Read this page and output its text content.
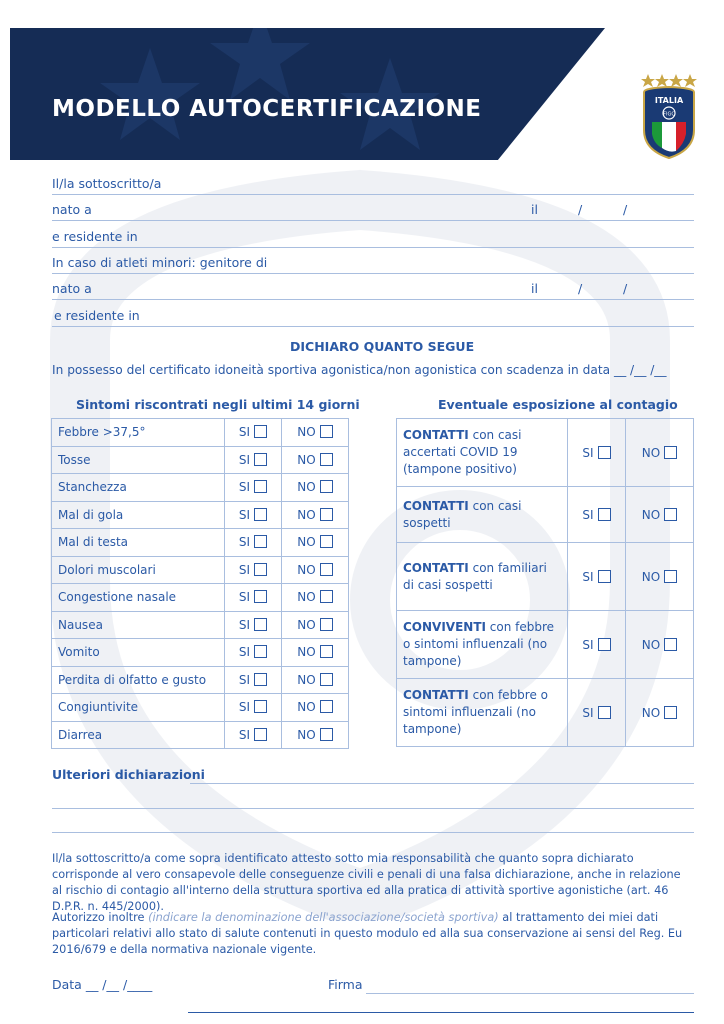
MODELLO AUTOCERTIFICAZIONE	ITALIA
FIGC
Il/la sottoscritto/a
nato a	il	/	/
e residente in
In caso di atleti minori: genitore di
nato a	il	/	/
e residente in
DICHIARO QUANTO SEGUE
In possesso del certificato idoneità sportiva agonistica/non agonistica con scadenza in data __ /__ /__
Sintomi riscontrati negli ultimi 14 giorni	Eventuale esposizione al contagio
Febbre >37,5°	SI	NO
Tosse	SI	NO
Stanchezza	SI	NO
Mal di gola	SI	NO
Mal di testa	SI	NO
Dolori muscolari	SI	NO
Congestione nasale	SI	NO
Nausea	SI	NO
Vomito	SI	NO
Perdita di olfatto e gusto	SI	NO
Congiuntivite	SI	NO
Diarrea	SI	NO
CONTATTI con casi accertati COVID 19 (tampone positivo)	SI	NO
CONTATTI con casi sospetti	SI	NO
CONTATTI con familiari di casi sospetti	SI	NO
CONVIVENTI con febbre o sintomi influenzali (no tampone)	SI	NO
CONTATTI con febbre o sintomi influenzali (no tampone)	SI	NO
Ulteriori dichiarazioni
Il/la sottoscritto/a come sopra identificato attesto sotto mia responsabilità che quanto sopra dichiarato corrisponde al vero consapevole delle conseguenze civili e penali di una falsa dichiarazione, anche in relazione al rischio di contagio all'interno della struttura sportiva ed alla pratica di attività sportive agonistiche (art. 46 D.P.R. n. 445/2000).
Autorizzo inoltre (indicare la denominazione dell'associazione/società sportiva) al trattamento dei miei dati particolari relativi allo stato di salute contenuti in questo modulo ed alla sua conservazione ai sensi del Reg. Eu 2016/679 e della normativa nazionale vigente.
Data __ /__ /____	Firma
